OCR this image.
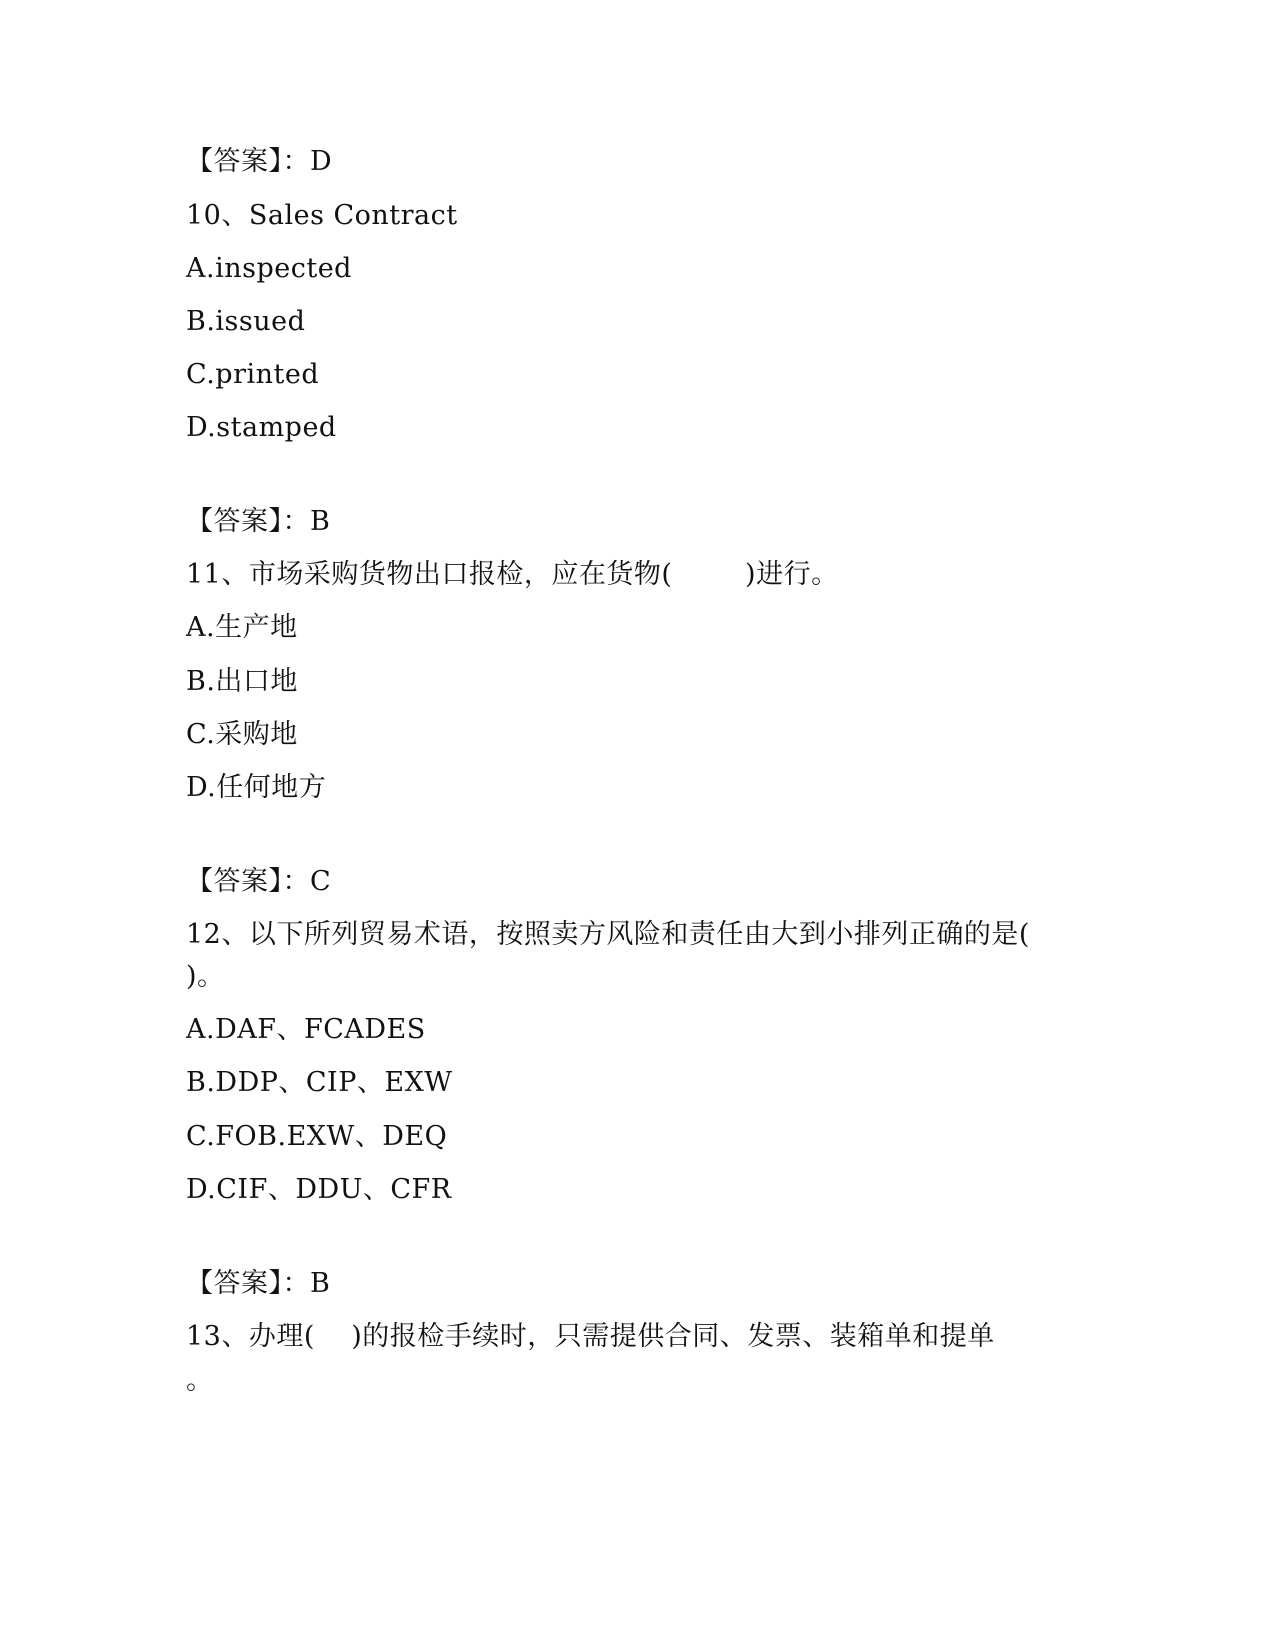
【答案】：D
10、Sales Contract
A.inspected
B.issued
C.printed
D.stamped
【答案】：B
11、市场采购货物出口报检，应在货物(        )进行。
A.生产地
B.出口地
C.采购地
D.任何地方
【答案】：C
12、以下所列贸易术语，按照卖方风险和责任由大到小排列正确的是(
)。
A.DAF、FCADES
B.DDP、CIP、EXW
C.FOB.EXW、DEQ
D.CIF、DDU、CFR
【答案】：B
13、办理(    )的报检手续时，只需提供合同、发票、装箱单和提单
。
